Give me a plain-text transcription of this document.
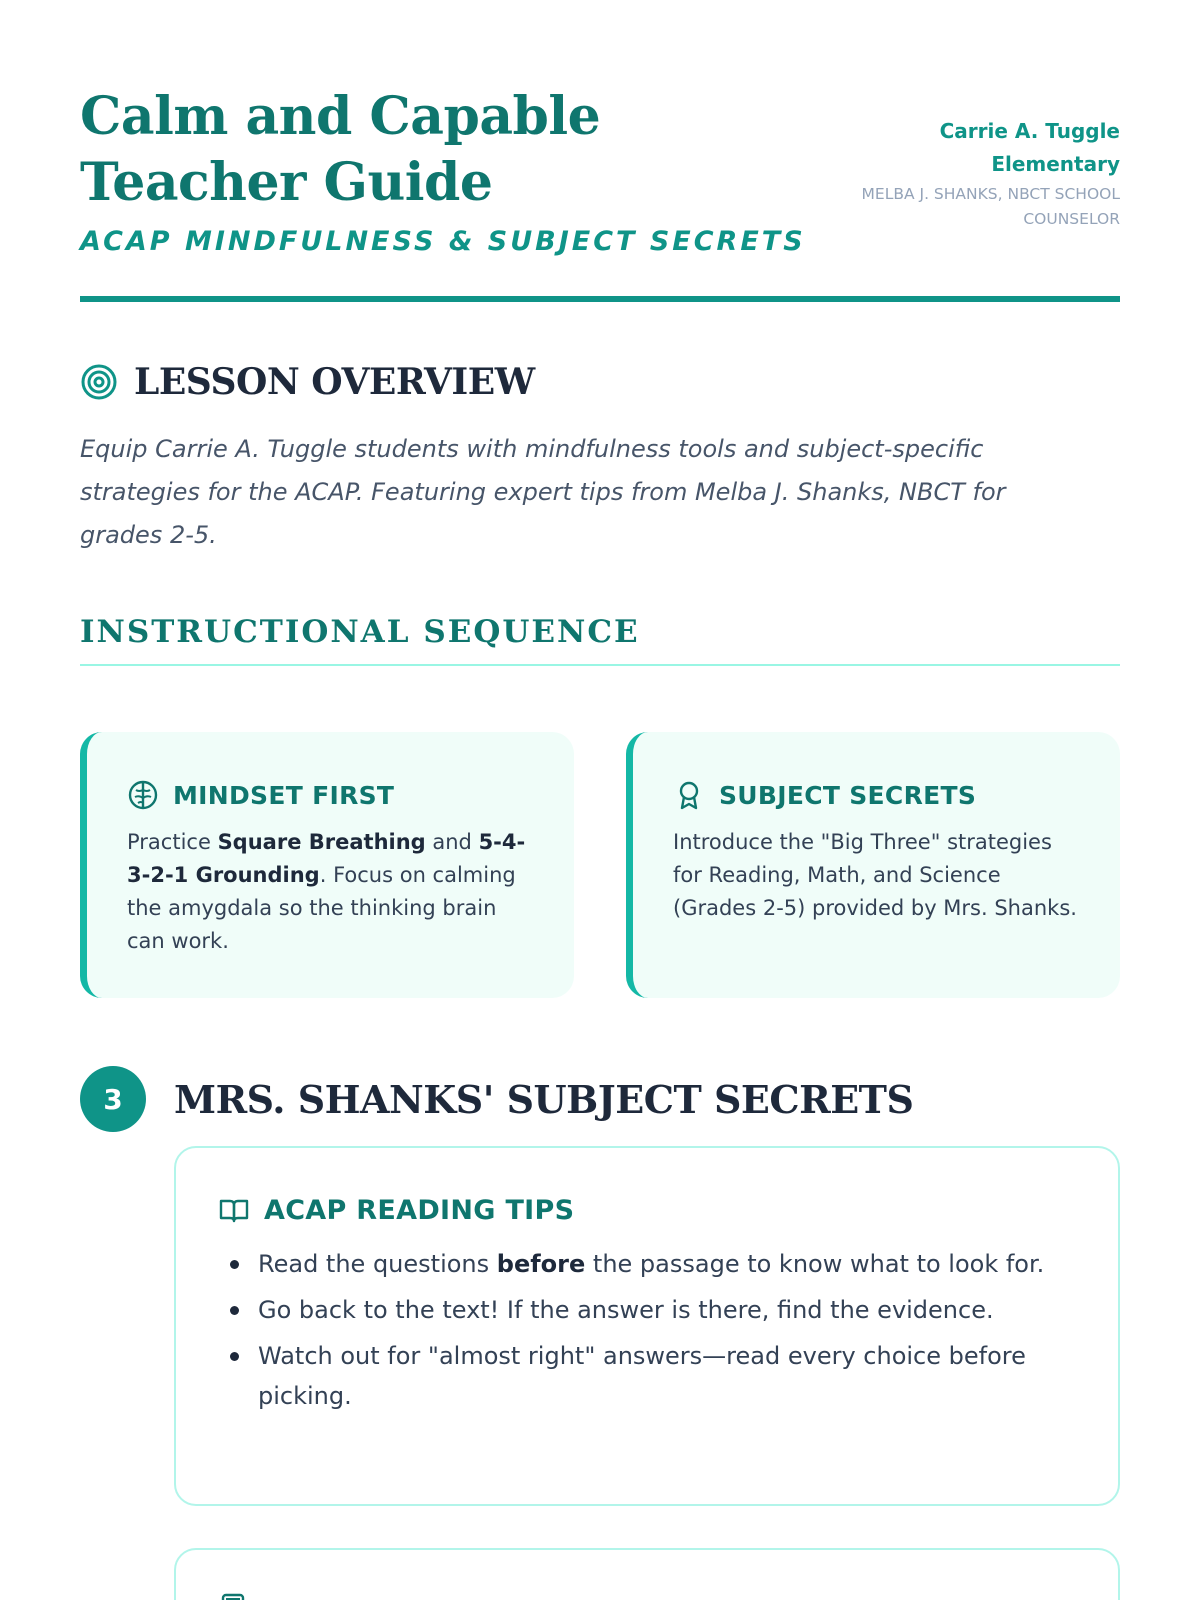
Calm and Capable Teacher Guide
ACAP MINDFULNESS & SUBJECT SECRETS
Carrie A. Tuggle Elementary
MELBA J. SHANKS, NBCT SCHOOL COUNSELOR
LESSON OVERVIEW

Equip Carrie A. Tuggle students with mindfulness tools and subject-specific strategies for the ACAP. Featuring expert tips from Melba J. Shanks, NBCT for grades 2-5.

INSTRUCTIONAL SEQUENCE
MINDSET FIRST

Practice Square Breathing and 5-4-3-2-1 Grounding. Focus on calming the amygdala so the thinking brain can work.

SUBJECT SECRETS

Introduce the "Big Three" strategies for Reading, Math, and Science (Grades 2-5) provided by Mrs. Shanks.

3	MRS. SHANKS' SUBJECT SECRETS
ACAP READING TIPS
Read the questions before the passage to know what to look for.
Go back to the text! If the answer is there, find the evidence.
Watch out for "almost right" answers—read every choice before picking.
